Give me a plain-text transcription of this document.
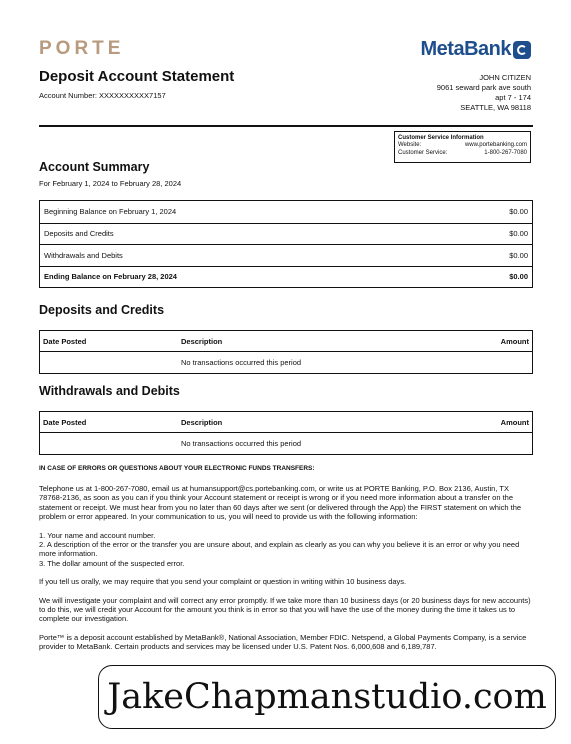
PORTE	MetaBank
Deposit Account Statement
Account Number: XXXXXXXXXX7157
JOHN CITIZEN
9061 seward park ave south
apt 7 - 174
SEATTLE, WA 98118
Customer Service Information
Website:	www.portebanking.com
Customer Service:	1-800-267-7080
Account Summary
For February 1, 2024 to February 28, 2024
Beginning Balance on February 1, 2024	$0.00
Deposits and Credits	$0.00
Withdrawals and Debits	$0.00
Ending Balance on February 28, 2024	$0.00
Deposits and Credits
Date Posted	Description	Amount
No transactions occurred this period
Withdrawals and Debits
Date Posted	Description	Amount
No transactions occurred this period
IN CASE OF ERRORS OR QUESTIONS ABOUT YOUR ELECTRONIC FUNDS TRANSFERS:

Telephone us at 1-800-267-7080, email us at humansupport@cs.portebanking.com, or write us at PORTE Banking, P.O. Box 2136, Austin, TX 78768-2136, as soon as you can if you think your Account statement or receipt is wrong or if you need more information about a transfer on the statement or receipt. We must hear from you no later than 60 days after we sent (or delivered through the App) the FIRST statement on which the problem or error appeared. In your communication to us, you will need to provide us with the following information:

1. Your name and account number.

2. A description of the error or the transfer you are unsure about, and explain as clearly as you can why you believe it is an error or why you need more information.

3. The dollar amount of the suspected error.

If you tell us orally, we may require that you send your complaint or question in writing within 10 business days.

We will investigate your complaint and will correct any error promptly. If we take more than 10 business days (or 20 business days for new accounts) to do this, we will credit your Account for the amount you think is in error so that you will have the use of the money during the time it takes us to complete our investigation.

Porte™ is a deposit account established by MetaBank®, National Association, Member FDIC. Netspend, a Global Payments Company, is a service provider to MetaBank. Certain products and services may be licensed under U.S. Patent Nos. 6,000,608 and 6,189,787.

JakeChapmanstudio.com
